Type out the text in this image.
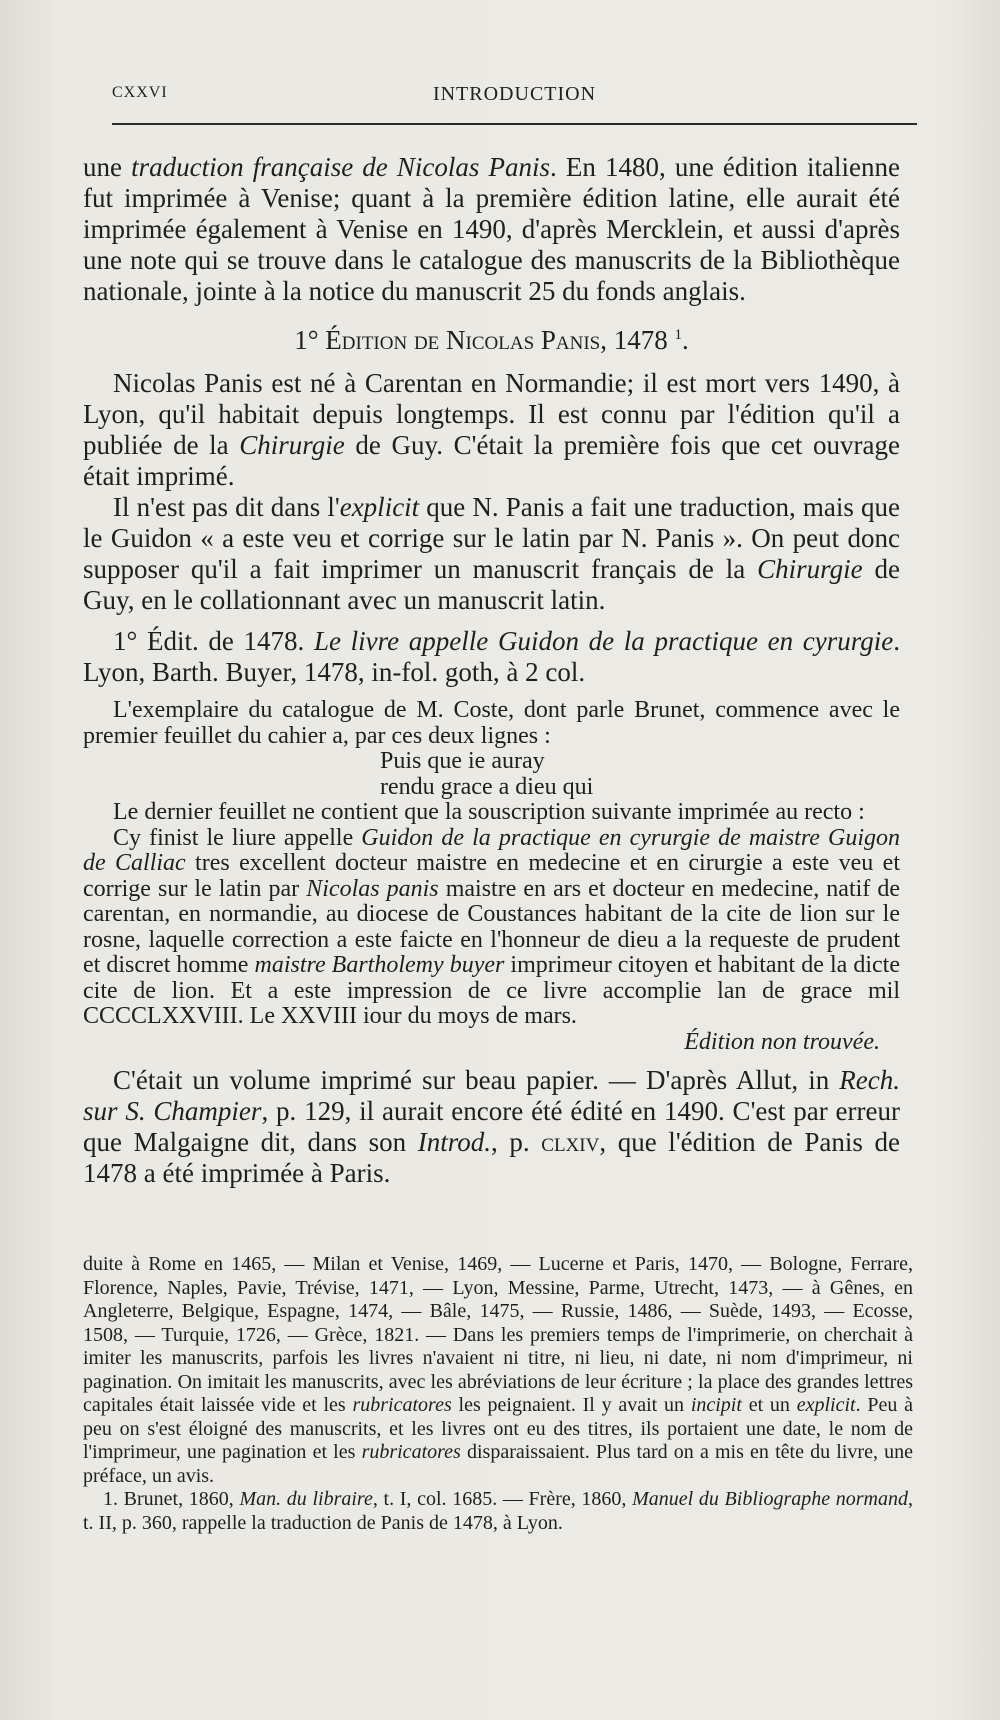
CXXVI	INTRODUCTION

une traduction française de Nicolas Panis. En 1480, une édition italienne fut imprimée à Venise; quant à la première édition latine, elle aurait été imprimée également à Venise en 1490, d'après Mercklein, et aussi d'après une note qui se trouve dans le catalogue des manuscrits de la Bibliothèque nationale, jointe à la notice du manuscrit 25 du fonds anglais.

1° Édition de Nicolas Panis, 1478 $^1$.

Nicolas Panis est né à Carentan en Normandie; il est mort vers 1490, à Lyon, qu'il habitait depuis longtemps. Il est connu par l'édition qu'il a publiée de la Chirurgie de Guy. C'était la première fois que cet ouvrage était imprimé.

Il n'est pas dit dans l'explicit que N. Panis a fait une traduction, mais que le Guidon « a este veu et corrige sur le latin par N. Panis ». On peut donc supposer qu'il a fait imprimer un manuscrit français de la Chirurgie de Guy, en le collationnant avec un manuscrit latin.

1° Édit. de 1478. Le livre appelle Guidon de la practique en cyrurgie. Lyon, Barth. Buyer, 1478, in-fol. goth, à 2 col.

L'exemplaire du catalogue de M. Coste, dont parle Brunet, commence avec le premier feuillet du cahier a, par ces deux lignes :

Puis que ie auray

rendu grace a dieu qui

Le dernier feuillet ne contient que la souscription suivante imprimée au recto :

Cy finist le liure appelle Guidon de la practique en cyrurgie de maistre Guigon de Calliac tres excellent docteur maistre en medecine et en cirurgie a este veu et corrige sur le latin par Nicolas panis maistre en ars et docteur en medecine, natif de carentan, en normandie, au diocese de Coustances habitant de la cite de lion sur le rosne, laquelle correction a este faicte en l'honneur de dieu a la requeste de prudent et discret homme maistre Bartholemy buyer imprimeur citoyen et habitant de la dicte cite de lion. Et a este impression de ce livre accomplie lan de grace mil CCCCLXXVIII. Le XXVIII iour du moys de mars.

Édition non trouvée.

C'était un volume imprimé sur beau papier. — D'après Allut, in Rech. sur S. Champier, p. 129, il aurait encore été édité en 1490. C'est par erreur que Malgaigne dit, dans son Introd., p. clxiv, que l'édition de Panis de 1478 a été imprimée à Paris.

duite à Rome en 1465, — Milan et Venise, 1469, — Lucerne et Paris, 1470, — Bologne, Ferrare, Florence, Naples, Pavie, Trévise, 1471, — Lyon, Messine, Parme, Utrecht, 1473, — à Gênes, en Angleterre, Belgique, Espagne, 1474, — Bâle, 1475, — Russie, 1486, — Suède, 1493, — Ecosse, 1508, — Turquie, 1726, — Grèce, 1821. — Dans les premiers temps de l'imprimerie, on cherchait à imiter les manuscrits, parfois les livres n'avaient ni titre, ni lieu, ni date, ni nom d'imprimeur, ni pagination. On imitait les manuscrits, avec les abréviations de leur écriture ; la place des grandes lettres capitales était laissée vide et les rubricatores les peignaient. Il y avait un incipit et un explicit. Peu à peu on s'est éloigné des manuscrits, et les livres ont eu des titres, ils portaient une date, le nom de l'imprimeur, une pagination et les rubricatores disparaissaient. Plus tard on a mis en tête du livre, une préface, un avis.

1. Brunet, 1860, Man. du libraire, t. I, col. 1685. — Frère, 1860, Manuel du Bibliographe normand, t. II, p. 360, rappelle la traduction de Panis de 1478, à Lyon.
